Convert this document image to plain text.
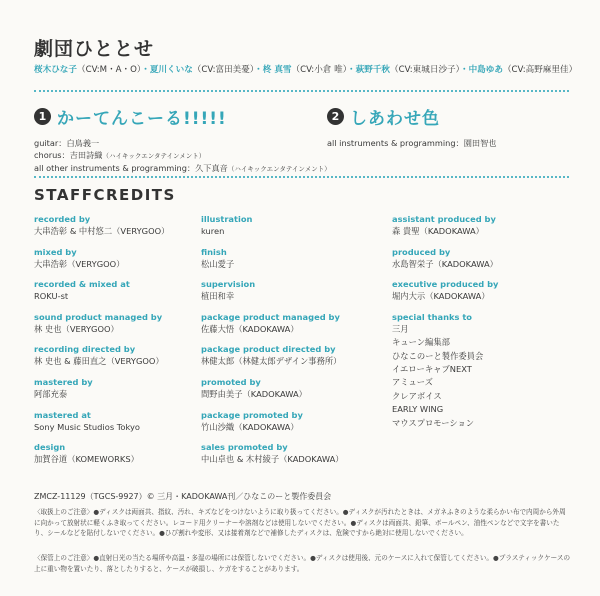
劇団ひととせ
桜木ひな子（CV:M・A・O）・夏川くいな（CV:富田美憂）・柊 真雪（CV:小倉 唯）・萩野千秋（CV:東城日沙子）・中島ゆあ（CV:高野麻里佳）
1 かーてんこーる!!!!!
guitar：白鳥義一
chorus：吉田詩織（ハイキックエンタテインメント）
all other instruments & programming：久下真音（ハイキックエンタテインメント）
2 しあわせ色
all instruments & programming：園田智也
STAFFCREDITS
recorded by
大串浩彰 & 中村悠二（VERYGOO）
mixed by
大串浩彰（VERYGOO）
recorded & mixed at
ROKU-st
sound product managed by
林 史也（VERYGOO）
recording directed by
林 史也 & 藤田直之（VERYGOO）
mastered by
阿部充泰
mastered at
Sony Music Studios Tokyo
design
加賀谷道（KOMEWORKS）
illustration
kuren
finish
松山愛子
supervision
植田和幸
package product managed by
佐藤大悟（KADOKAWA）
package product directed by
林健太郎（林健太郎デザイン事務所）
promoted by
間野由美子（KADOKAWA）
package promoted by
竹山沙織（KADOKAWA）
sales promoted by
中山卓也 & 木村綾子（KADOKAWA）
assistant produced by
森 貴聖（KADOKAWA）
produced by
水島智栄子（KADOKAWA）
executive produced by
堀内大示（KADOKAWA）
special thanks to
三月
キューン編集部
ひなこのーと製作委員会
イエローキャブNEXT
アミューズ
クレアボイス
EARLY WING
マウスプロモーション
ZMCZ-11129（TGCS-9927）© 三月・KADOKAWA刊／ひなこのーと製作委員会
〈取扱上のご注意〉●ディスクは両面共、指紋、汚れ、キズなどをつけないように取り扱ってください。●ディスクが汚れたときは、メガネふきのような柔らかい布で内周から外周に向かって放射状に軽くふき取ってください。レコード用クリーナーや溶剤などは使用しないでください。●ディスクは両面共、鉛筆、ボールペン、油性ペンなどで文字を書いたり、シールなどを貼付しないでください。●ひび割れや変形、又は接着剤などで補修したディスクは、危険ですから絶対に使用しないでください。
〈保管上のご注意〉●直射日光の当たる場所や高温・多湿の場所には保管しないでください。●ディスクは使用後、元のケースに入れて保管してください。●プラスティックケースの上に重い物を置いたり、落としたりすると、ケースが破損し、ケガをすることがあります。
